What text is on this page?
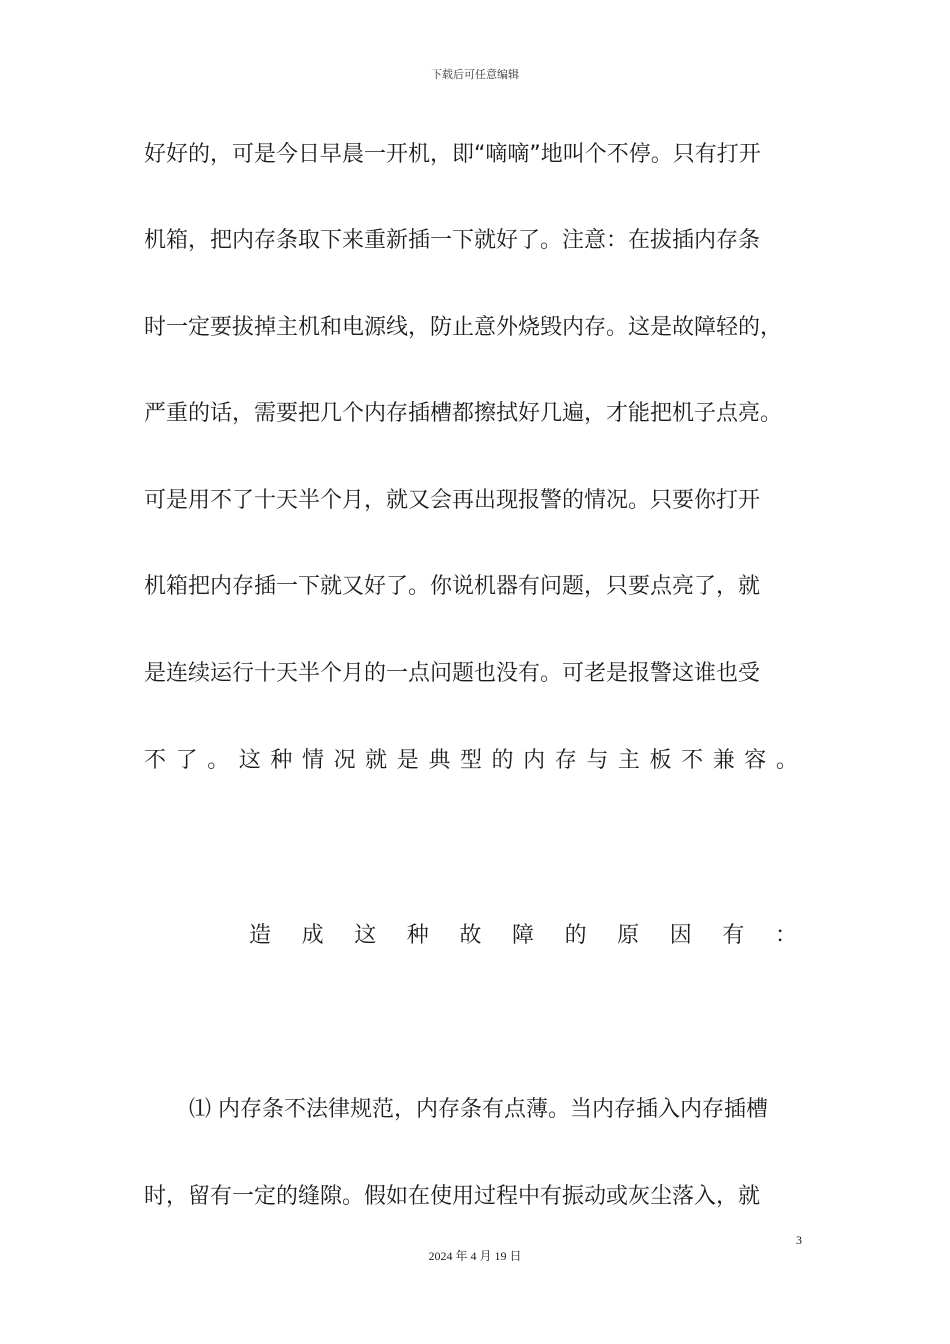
下载后可任意编辑
好好的，可是今日早晨一开机，即“嘀嘀”地叫个不停。只有打开
机箱，把内存条取下来重新插一下就好了。注意：在拔插内存条
时一定要拔掉主机和电源线，防止意外烧毁内存。这是故障轻的，
严重的话，需要把几个内存插槽都擦拭好几遍，才能把机子点亮。
可是用不了十天半个月，就又会再出现报警的情况。只要你打开
机箱把内存插一下就又好了。你说机器有问题，只要点亮了，就
是连续运行十天半个月的一点问题也没有。可老是报警这谁也受
不 了 。 这 种 情 况 就 是 典 型 的 内 存 与 主 板 不 兼 容 。
造 成 这 种 故 障 的 原 因 有 ：
⑴ 内存条不法律规范，内存条有点薄。当内存插入内存插槽
时，留有一定的缝隙。假如在使用过程中有振动或灰尘落入，就
3
2024 年 4 月 19 日
